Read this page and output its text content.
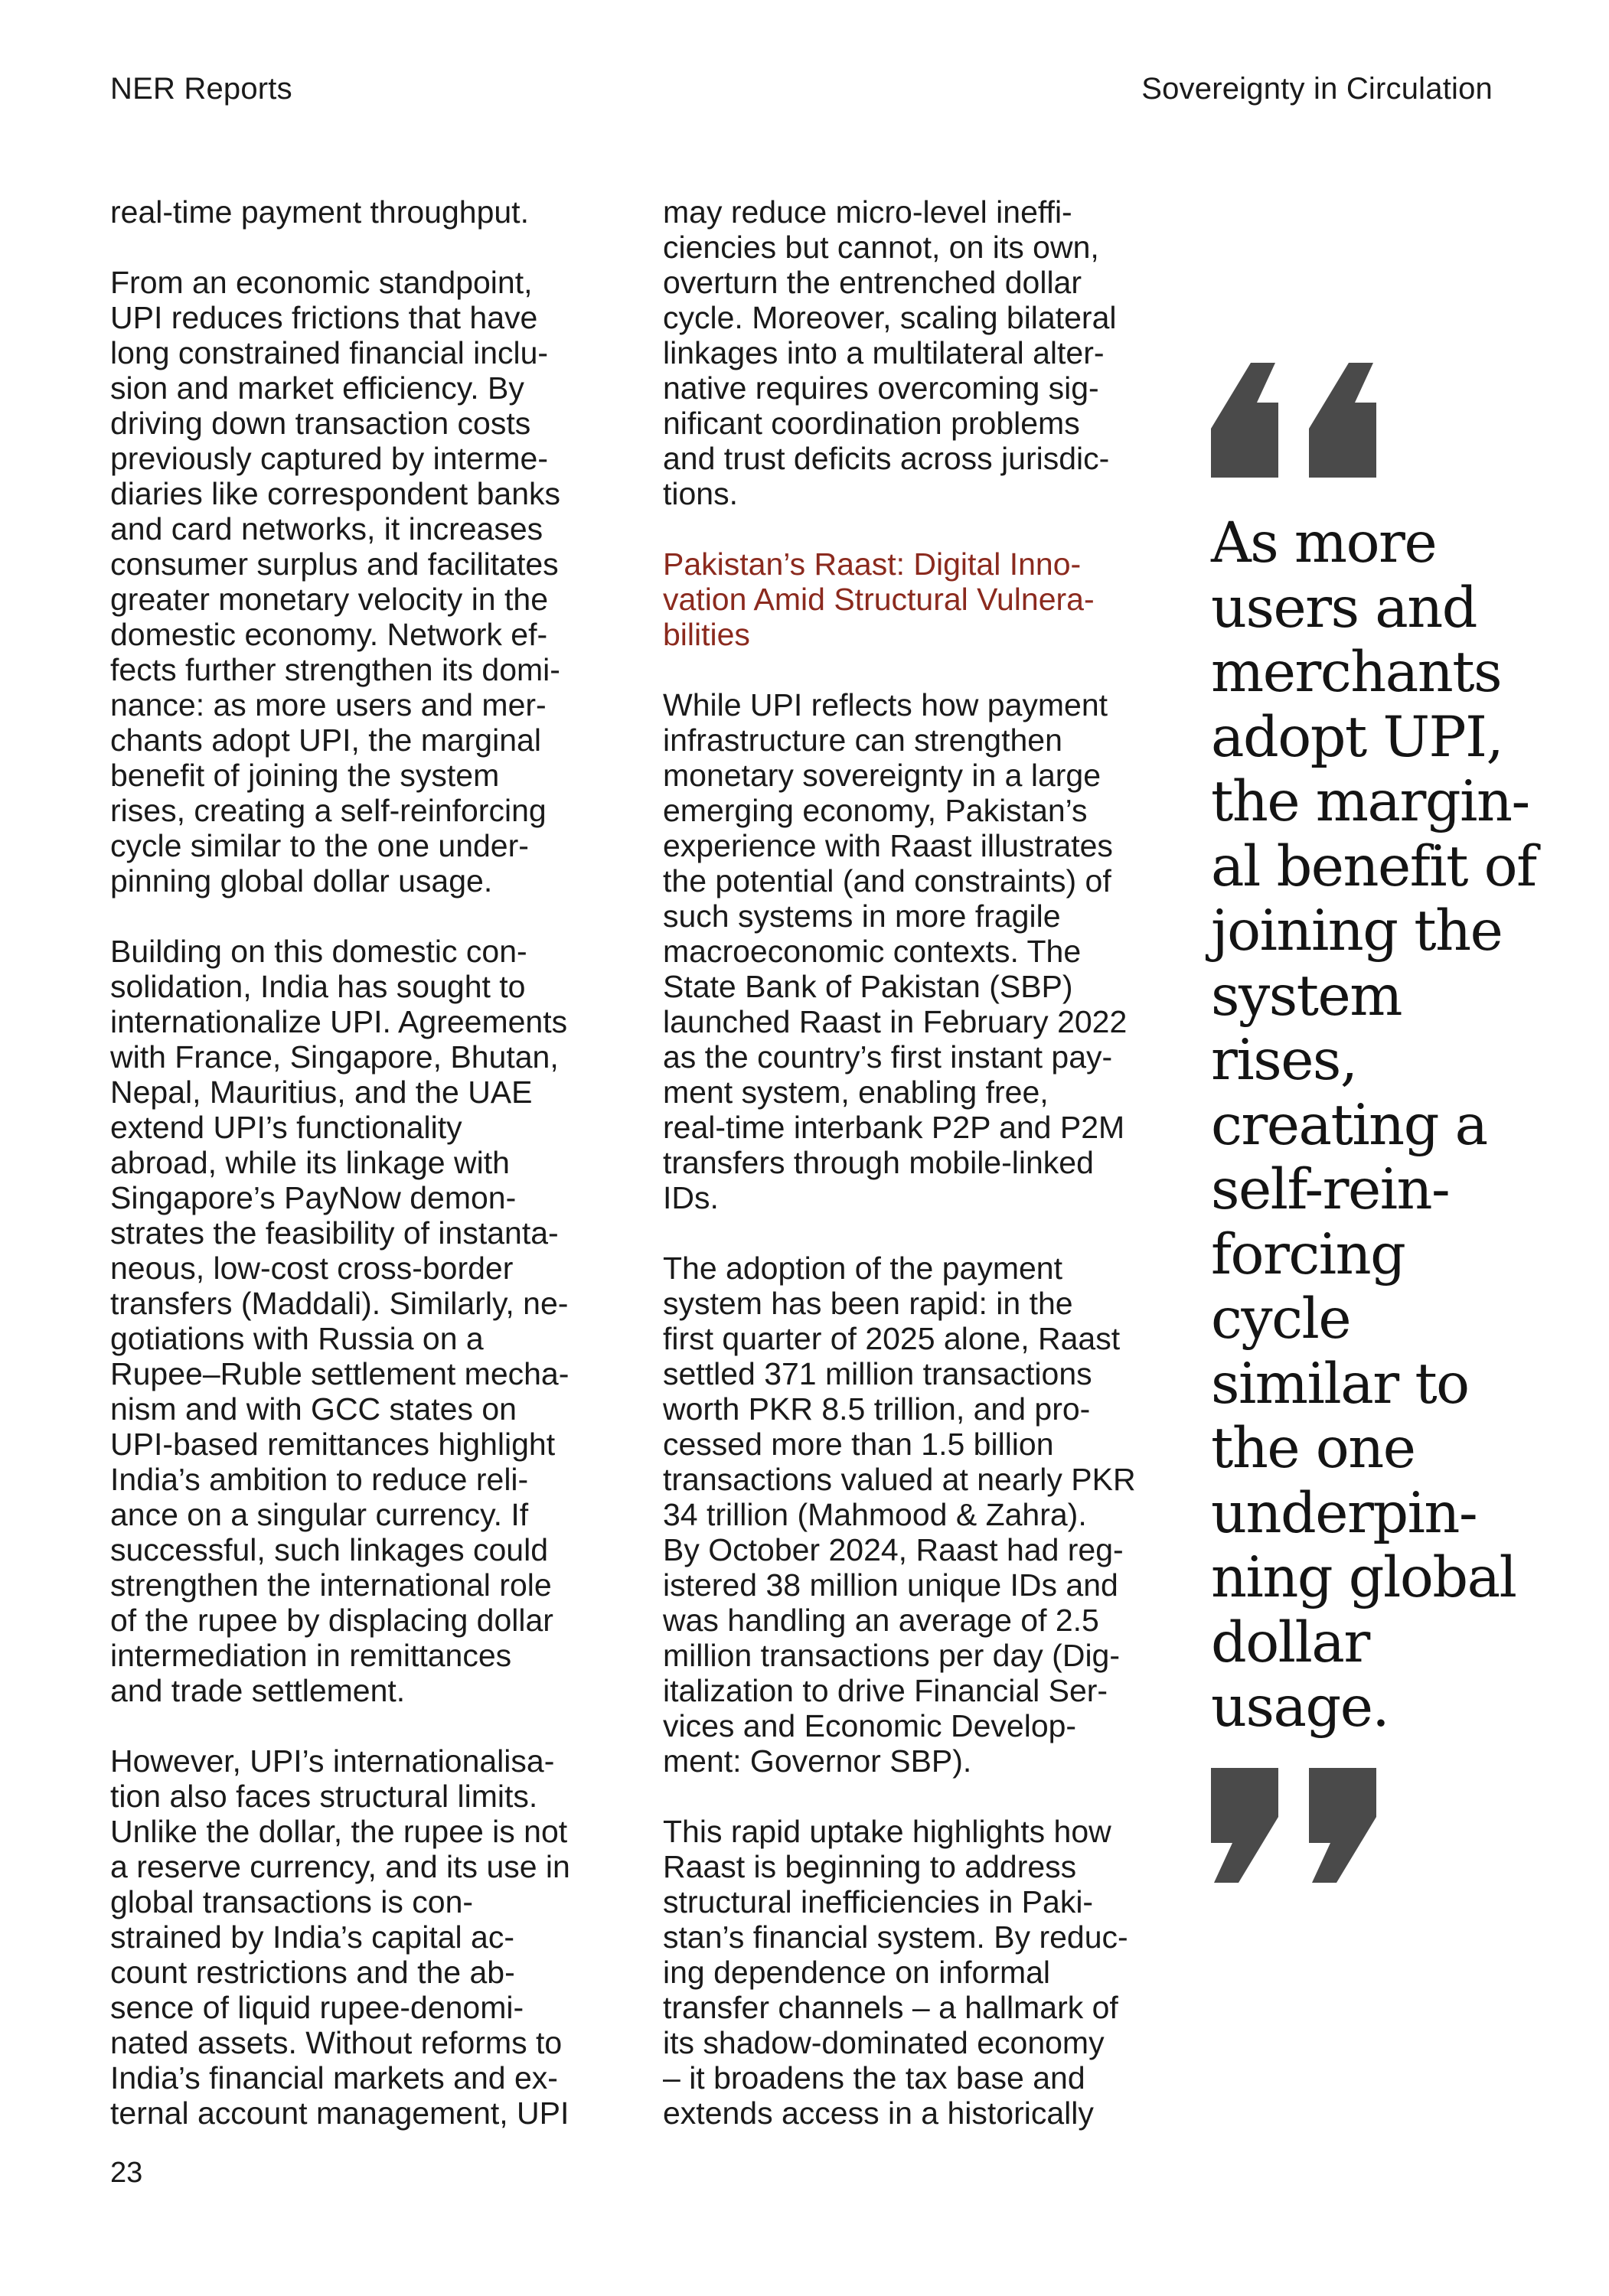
NER Reports	Sovereignty in Circulation

real-time payment throughput.

From an economic standpoint,
UPI reduces frictions that have
long constrained financial inclu-
sion and market efficiency. By
driving down transaction costs
previously captured by interme-
diaries like correspondent banks
and card networks, it increases
consumer surplus and facilitates
greater monetary velocity in the
domestic economy. Network ef-
fects further strengthen its domi-
nance: as more users and mer-
chants adopt UPI, the marginal
benefit of joining the system
rises, creating a self-reinforcing
cycle similar to the one under-
pinning global dollar usage.

Building on this domestic con-
solidation, India has sought to
internationalize UPI. Agreements
with France, Singapore, Bhutan,
Nepal, Mauritius, and the UAE
extend UPI’s functionality
abroad, while its linkage with
Singapore’s PayNow demon-
strates the feasibility of instanta-
neous, low-cost cross-border
transfers (Maddali). Similarly, ne-
gotiations with Russia on a
Rupee–Ruble settlement mecha-
nism and with GCC states on
UPI-based remittances highlight
India’s ambition to reduce reli-
ance on a singular currency. If
successful, such linkages could
strengthen the international role
of the rupee by displacing dollar
intermediation in remittances
and trade settlement.

However, UPI’s internationalisa-
tion also faces structural limits.
Unlike the dollar, the rupee is not
a reserve currency, and its use in
global transactions is con-
strained by India’s capital ac-
count restrictions and the ab-
sence of liquid rupee-denomi-
nated assets. Without reforms to
India’s financial markets and ex-
ternal account management, UPI

may reduce micro-level ineffi-
ciencies but cannot, on its own,
overturn the entrenched dollar
cycle. Moreover, scaling bilateral
linkages into a multilateral alter-
native requires overcoming sig-
nificant coordination problems
and trust deficits across jurisdic-
tions.

Pakistan’s Raast: Digital Inno-
vation Amid Structural Vulnera-
bilities

While UPI reflects how payment
infrastructure can strengthen
monetary sovereignty in a large
emerging economy, Pakistan’s
experience with Raast illustrates
the potential (and constraints) of
such systems in more fragile
macroeconomic contexts. The
State Bank of Pakistan (SBP)
launched Raast in February 2022
as the country’s first instant pay-
ment system, enabling free,
real-time interbank P2P and P2M
transfers through mobile-linked
IDs.

The adoption of the payment
system has been rapid: in the
first quarter of 2025 alone, Raast
settled 371 million transactions
worth PKR 8.5 trillion, and pro-
cessed more than 1.5 billion
transactions valued at nearly PKR
34 trillion (Mahmood & Zahra).
By October 2024, Raast had reg-
istered 38 million unique IDs and
was handling an average of 2.5
million transactions per day (Dig-
italization to drive Financial Ser-
vices and Economic Develop-
ment: Governor SBP).

This rapid uptake highlights how
Raast is beginning to address
structural inefficiencies in Paki-
stan’s financial system. By reduc-
ing dependence on informal
transfer channels – a hallmark of
its shadow-dominated economy
– it broadens the tax base and
extends access in a historically

As more
users and
merchants
adopt UPI,
the margin-
al benefit of
joining the
system
rises,
creating a
self-rein-
forcing
cycle
similar to
the one
underpin-
ning global
dollar
usage.
23
